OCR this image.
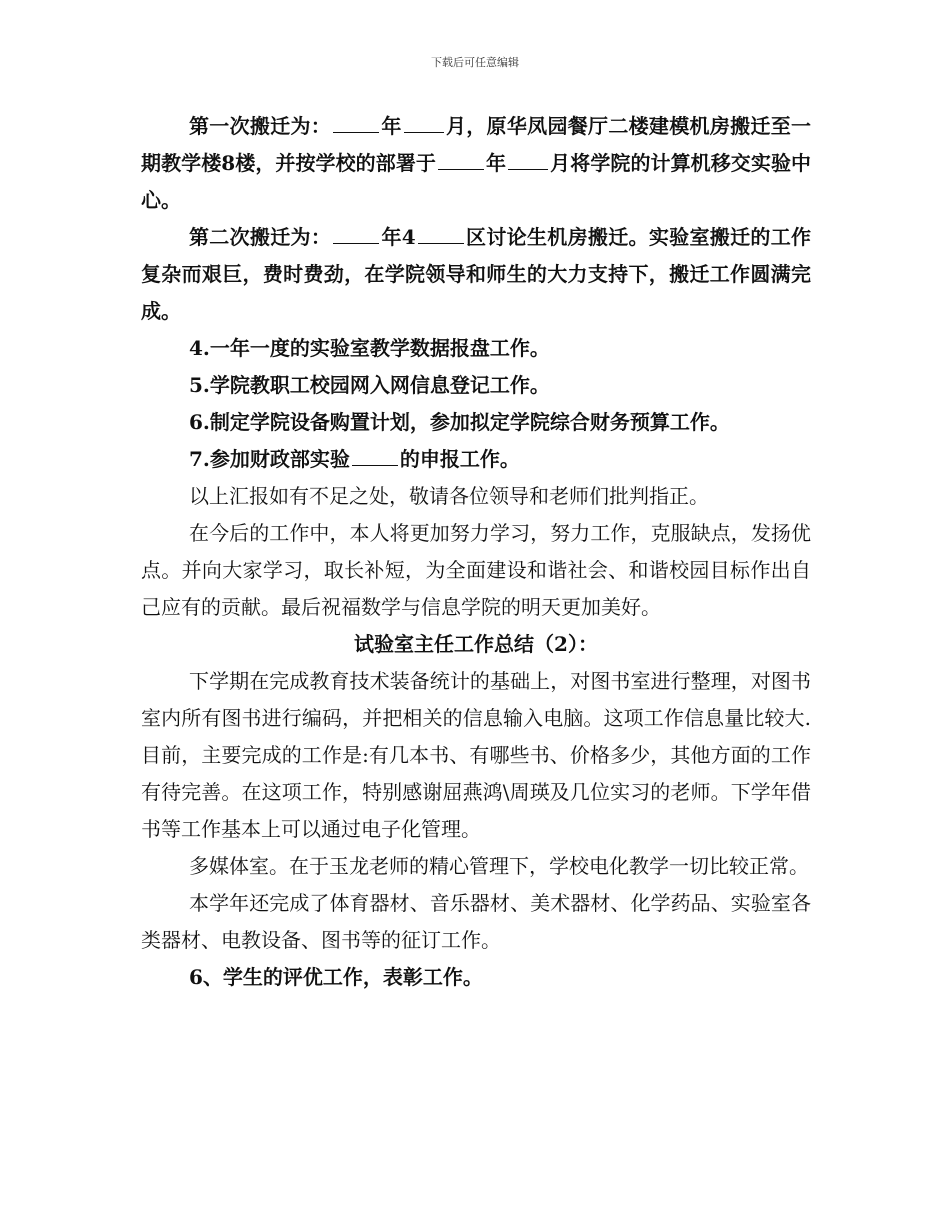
下载后可任意编辑

第一次搬迁为：	年 月，原华凤园餐厅二楼建模机房搬迁至一期教学楼8楼，并按学校的部署于	年 月将学院的计算机移交实验中心。

第二次搬迁为：	年4	区讨论生机房搬迁。实验室搬迁的工作复杂而艰巨，费时费劲，在学院领导和师生的大力支持下，搬迁工作圆满完成。

4.一年一度的实验室教学数据报盘工作。

5.学院教职工校园网入网信息登记工作。

6.制定学院设备购置计划，参加拟定学院综合财务预算工作。

7.参加财政部实验	的申报工作。

以上汇报如有不足之处，敬请各位领导和老师们批判指正。

在今后的工作中，本人将更加努力学习，努力工作，克服缺点，发扬优点。并向大家学习，取长补短，为全面建设和谐社会、和谐校园目标作出自己应有的贡献。最后祝福数学与信息学院的明天更加美好。

试验室主任工作总结（2）：

下学期在完成教育技术装备统计的基础上，对图书室进行整理，对图书室内所有图书进行编码，并把相关的信息输入电脑。这项工作信息量比较大.目前，主要完成的工作是:有几本书、有哪些书、价格多少，其他方面的工作有待完善。在这项工作，特别感谢屈燕鸿\周瑛及几位实习的老师。下学年借书等工作基本上可以通过电子化管理。

多媒体室。在于玉龙老师的精心管理下，学校电化教学一切比较正常。

本学年还完成了体育器材、音乐器材、美术器材、化学药品、实验室各类器材、电教设备、图书等的征订工作。

6、学生的评优工作，表彰工作。
